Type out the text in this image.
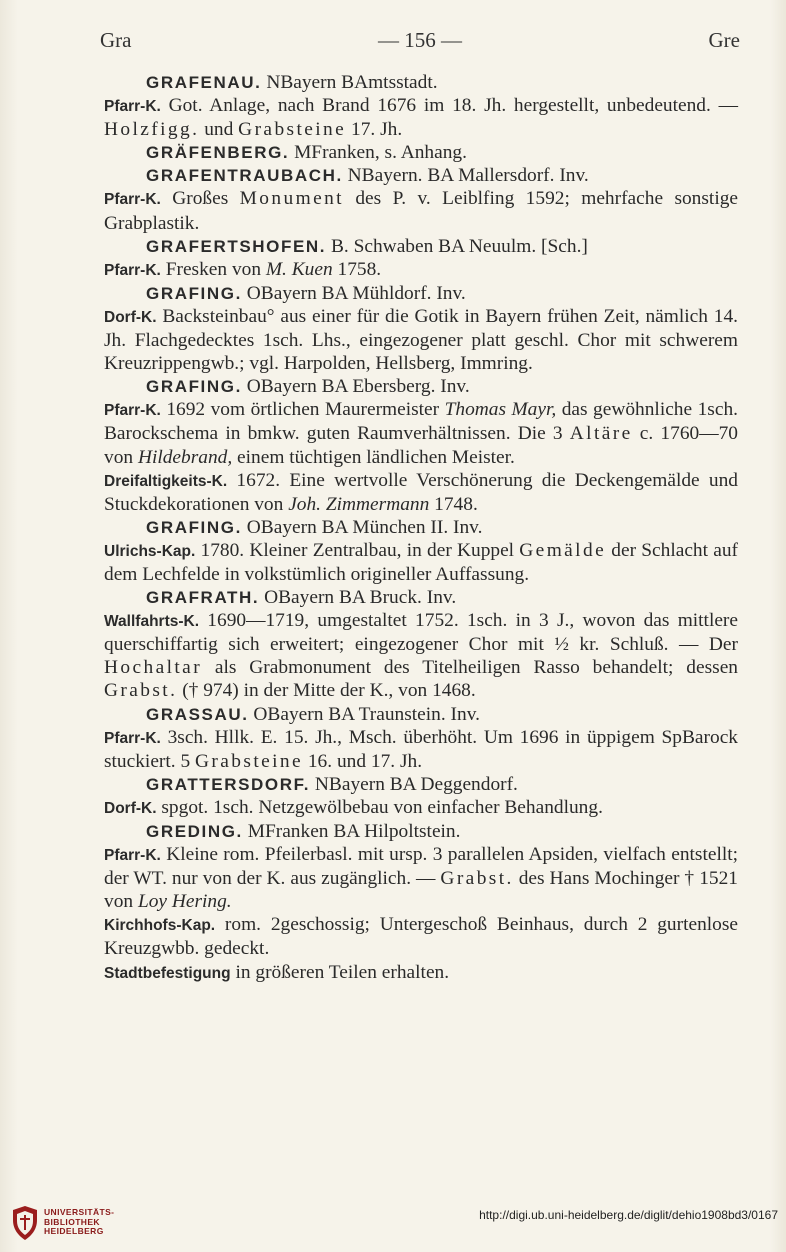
Gra	— 156 —	Gre

GRAFENAU. NBayern BAmtsstadt.

Pfarr-K. Got. Anlage, nach Brand 1676 im 18. Jh. hergestellt, unbedeutend. — Holzfigg. und Grabsteine 17. Jh.

GRÄFENBERG. MFranken, s. Anhang.

GRAFENTRAUBACH. NBayern. BA Mallersdorf. Inv.

Pfarr-K. Großes Monument des P. v. Leiblfing 1592; mehrfache sonstige Grabplastik.

GRAFERTSHOFEN. B. Schwaben BA Neuulm. [Sch.]

Pfarr-K. Fresken von M. Kuen 1758.

GRAFING. OBayern BA Mühldorf. Inv.

Dorf-K. Backsteinbau° aus einer für die Gotik in Bayern frühen Zeit, nämlich 14. Jh. Flachgedecktes 1sch. Lhs., eingezogener platt geschl. Chor mit schwerem Kreuzrippengwb.; vgl. Harpolden, Hellsberg, Immring.

GRAFING. OBayern BA Ebersberg. Inv.

Pfarr-K. 1692 vom örtlichen Maurermeister Thomas Mayr, das gewöhnliche 1sch. Barockschema in bmkw. guten Raumverhältnissen. Die 3 Altäre c. 1760—70 von Hildebrand, einem tüchtigen ländlichen Meister.

Dreifaltigkeits-K. 1672. Eine wertvolle Verschönerung die Deckengemälde und Stuckdekorationen von Joh. Zimmermann 1748.

GRAFING. OBayern BA München II. Inv.

Ulrichs-Kap. 1780. Kleiner Zentralbau, in der Kuppel Gemälde der Schlacht auf dem Lechfelde in volkstümlich origineller Auffassung.

GRAFRATH. OBayern BA Bruck. Inv.

Wallfahrts-K. 1690—1719, umgestaltet 1752. 1sch. in 3 J., wovon das mittlere querschiffartig sich erweitert; eingezogener Chor mit ½ kr. Schluß. — Der Hochaltar als Grabmonument des Titelheiligen Rasso behandelt; dessen Grabst. († 974) in der Mitte der K., von 1468.

GRASSAU. OBayern BA Traunstein. Inv.

Pfarr-K. 3sch. Hllk. E. 15. Jh., Msch. überhöht. Um 1696 in üppigem SpBarock stuckiert. 5 Grabsteine 16. und 17. Jh.

GRATTERSDORF. NBayern BA Deggendorf.

Dorf-K. spgot. 1sch. Netzgewölbebau von einfacher Behandlung.

GREDING. MFranken BA Hilpoltstein.

Pfarr-K. Kleine rom. Pfeilerbasl. mit ursp. 3 parallelen Apsiden, vielfach entstellt; der WT. nur von der K. aus zugänglich. — Grabst. des Hans Mochinger † 1521 von Loy Hering.

Kirchhofs-Kap. rom. 2geschossig; Untergeschoß Beinhaus, durch 2 gurtenlose Kreuzgwbb. gedeckt.

Stadtbefestigung in größeren Teilen erhalten.

UNIVERSITÄTS-
BIBLIOTHEK
HEIDELBERG
http://digi.ub.uni-heidelberg.de/diglit/dehio1908bd3/0167
